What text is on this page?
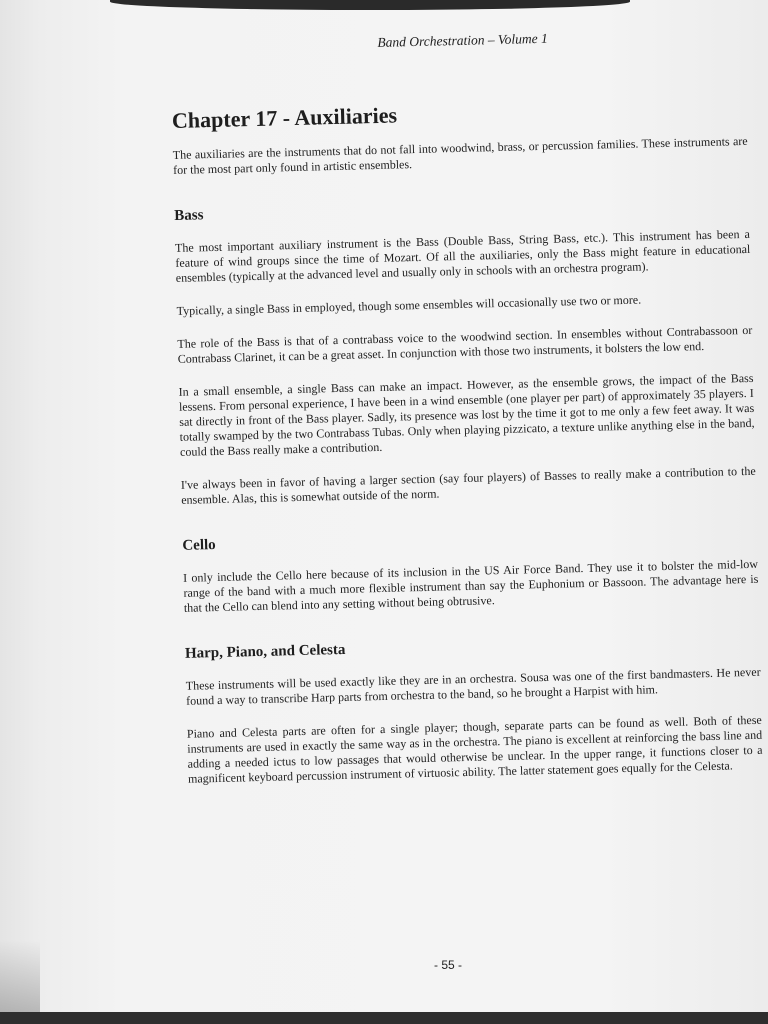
Band Orchestration – Volume 1
Chapter 17 - Auxiliaries

The auxiliaries are the instruments that do not fall into woodwind, brass, or percussion families. These instruments are for the most part only found in artistic ensembles.

Bass

The most important auxiliary instrument is the Bass (Double Bass, String Bass, etc.). This instrument has been a feature of wind groups since the time of Mozart. Of all the auxiliaries, only the Bass might feature in educational ensembles (typically at the advanced level and usually only in schools with an orchestra program).

Typically, a single Bass in employed, though some ensembles will occasionally use two or more.

The role of the Bass is that of a contrabass voice to the woodwind section. In ensembles without Contrabassoon or Contrabass Clarinet, it can be a great asset. In conjunction with those two instruments, it bolsters the low end.

In a small ensemble, a single Bass can make an impact. However, as the ensemble grows, the impact of the Bass lessens. From personal experience, I have been in a wind ensemble (one player per part) of approximately 35 players. I sat directly in front of the Bass player. Sadly, its presence was lost by the time it got to me only a few feet away. It was totally swamped by the two Contrabass Tubas. Only when playing pizzicato, a texture unlike anything else in the band, could the Bass really make a contribution.

I've always been in favor of having a larger section (say four players) of Basses to really make a contribution to the ensemble. Alas, this is somewhat outside of the norm.

Cello

I only include the Cello here because of its inclusion in the US Air Force Band. They use it to bolster the mid-low range of the band with a much more flexible instrument than say the Euphonium or Bassoon. The advantage here is that the Cello can blend into any setting without being obtrusive.

Harp, Piano, and Celesta

These instruments will be used exactly like they are in an orchestra. Sousa was one of the first bandmasters. He never found a way to transcribe Harp parts from orchestra to the band, so he brought a Harpist with him.

Piano and Celesta parts are often for a single player; though, separate parts can be found as well. Both of these instruments are used in exactly the same way as in the orchestra. The piano is excellent at reinforcing the bass line and adding a needed ictus to low passages that would otherwise be unclear. In the upper range, it functions closer to a magnificent keyboard percussion instrument of virtuosic ability. The latter statement goes equally for the Celesta.

- 55 -
